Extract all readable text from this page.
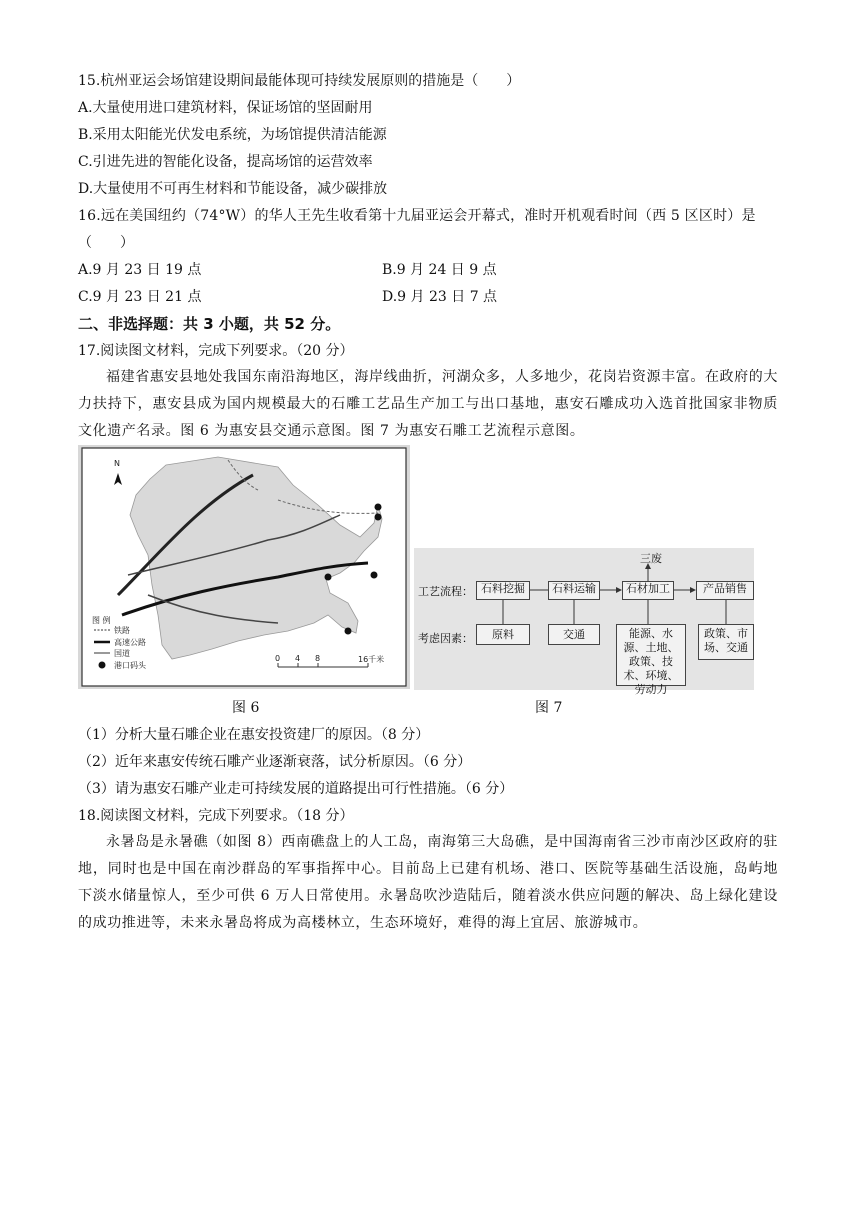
15.杭州亚运会场馆建设期间最能体现可持续发展原则的措施是（　　）
A.大量使用进口建筑材料，保证场馆的坚固耐用
B.采用太阳能光伏发电系统，为场馆提供清洁能源
C.引进先进的智能化设备，提高场馆的运营效率
D.大量使用不可再生材料和节能设备，减少碳排放
16.远在美国纽约（74°W）的华人王先生收看第十九届亚运会开幕式，准时开机观看时间（西 5 区区时）是
（　　）
A.9 月 23 日 19 点	B.9 月 24 日 9 点
C.9 月 23 日 21 点	D.9 月 23 日 7 点
二、非选择题：共 3 小题，共 52 分。
17.阅读图文材料，完成下列要求。（20 分）
福建省惠安县地处我国东南沿海地区，海岸线曲折，河湖众多，人多地少，花岗岩资源丰富。在政府的大力扶持下，惠安县成为国内规模最大的石雕工艺品生产加工与出口基地，惠安石雕成功入选首批国家非物质文化遗产名录。图 6 为惠安县交通示意图。图 7 为惠安石雕工艺流程示意图。
N
图 例
铁路
高速公路
国道
港口码头
0 4 8	16千米
三废
工艺流程：
考虑因素：
石料挖掘	石料运输	石材加工	产品销售
原料	交通	能源、水源、土地、政策、技术、环境、劳动力
政策、市场、交通
图 6	图 7
（1）分析大量石雕企业在惠安投资建厂的原因。（8 分）
（2）近年来惠安传统石雕产业逐渐衰落，试分析原因。（6 分）
（3）请为惠安石雕产业走可持续发展的道路提出可行性措施。（6 分）
18.阅读图文材料，完成下列要求。（18 分）
永暑岛是永暑礁（如图 8）西南礁盘上的人工岛，南海第三大岛礁，是中国海南省三沙市南沙区政府的驻地，同时也是中国在南沙群岛的军事指挥中心。目前岛上已建有机场、港口、医院等基础生活设施，岛屿地下淡水储量惊人，至少可供 6 万人日常使用。永暑岛吹沙造陆后，随着淡水供应问题的解决、岛上绿化建设的成功推进等，未来永暑岛将成为高楼林立，生态环境好，难得的海上宜居、旅游城市。
